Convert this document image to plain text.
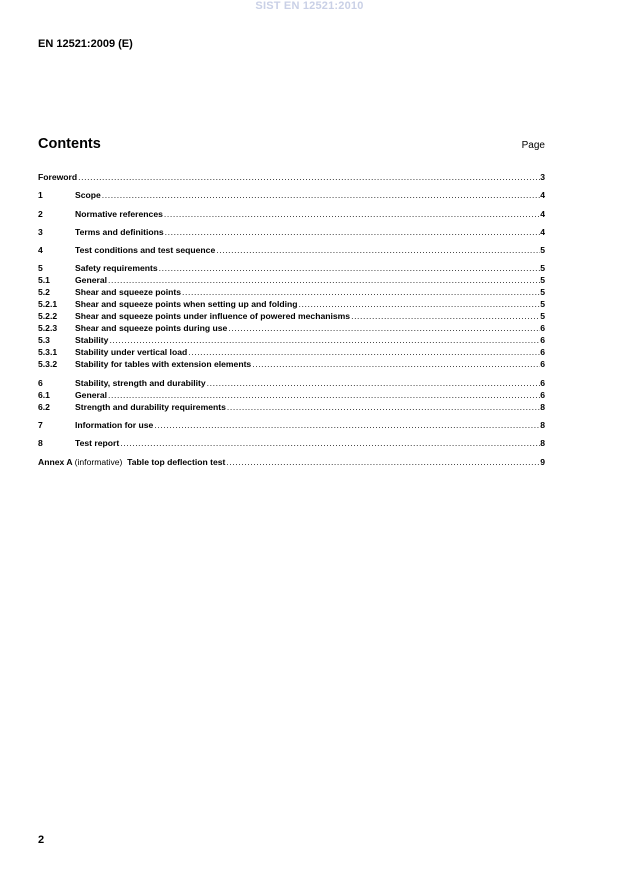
SIST EN 12521:2010
EN 12521:2009 (E)
Contents	Page
Foreword .....	3
1	Scope .....	4
2	Normative references .....	4
3	Terms and definitions .....	4
4	Test conditions and test sequence .....	5
5	Safety requirements .....	5
5.1	General .....	5
5.2	Shear and squeeze points .....	5
5.2.1	Shear and squeeze points when setting up and folding .....	5
5.2.2	Shear and squeeze points under influence of powered mechanisms .....	5
5.2.3	Shear and squeeze points during use .....	6
5.3	Stability .....	6
5.3.1	Stability under vertical load .....	6
5.3.2	Stability for tables with extension elements .....	6
6	Stability, strength and durability .....	6
6.1	General .....	6
6.2	Strength and durability requirements .....	8
7	Information for use .....	8
8	Test report .....	8
Annex A (informative) Table top deflection test .....	9
2
